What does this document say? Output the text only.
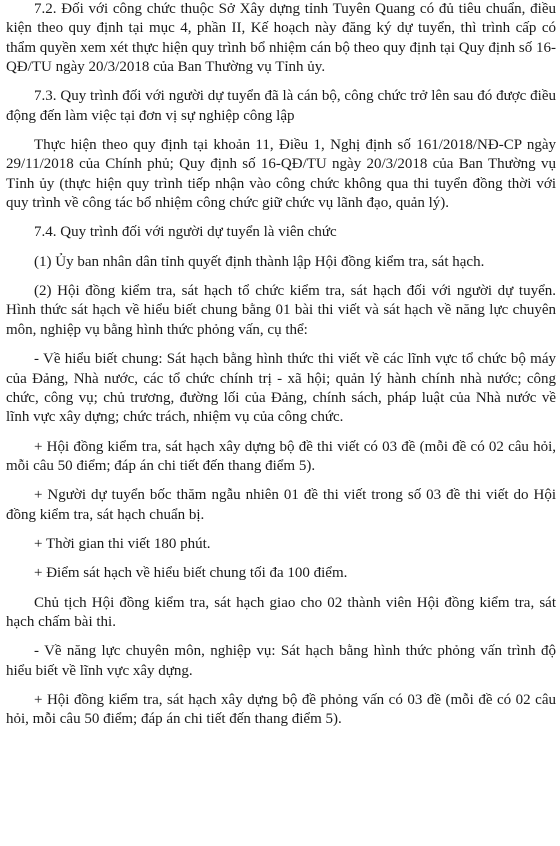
7.2. Đối với công chức thuộc Sở Xây dựng tỉnh Tuyên Quang có đủ tiêu chuẩn, điều kiện theo quy định tại mục 4, phần II, Kế hoạch này đăng ký dự tuyển, thì trình cấp có thẩm quyền xem xét thực hiện quy trình bổ nhiệm cán bộ theo quy định tại Quy định số 16-QĐ/TU ngày 20/3/2018 của Ban Thường vụ Tỉnh ủy.

7.3. Quy trình đối với người dự tuyển đã là cán bộ, công chức trở lên sau đó được điều động đến làm việc tại đơn vị sự nghiệp công lập

Thực hiện theo quy định tại khoản 11, Điều 1, Nghị định số 161/2018/NĐ-CP ngày 29/11/2018 của Chính phủ; Quy định số 16-QĐ/TU ngày 20/3/2018 của Ban Thường vụ Tỉnh ủy (thực hiện quy trình tiếp nhận vào công chức không qua thi tuyển đồng thời với quy trình về công tác bổ nhiệm công chức giữ chức vụ lãnh đạo, quản lý).

7.4. Quy trình đối với người dự tuyển là viên chức

(1) Ủy ban nhân dân tỉnh quyết định thành lập Hội đồng kiểm tra, sát hạch.

(2) Hội đồng kiểm tra, sát hạch tổ chức kiểm tra, sát hạch đối với người dự tuyển. Hình thức sát hạch về hiểu biết chung bằng 01 bài thi viết và sát hạch về năng lực chuyên môn, nghiệp vụ bằng hình thức phỏng vấn, cụ thể:

- Về hiểu biết chung: Sát hạch bằng hình thức thi viết về các lĩnh vực tổ chức bộ máy của Đảng, Nhà nước, các tổ chức chính trị - xã hội; quản lý hành chính nhà nước; công chức, công vụ; chủ trương, đường lối của Đảng, chính sách, pháp luật của Nhà nước về lĩnh vực xây dựng; chức trách, nhiệm vụ của công chức.

+ Hội đồng kiểm tra, sát hạch xây dựng bộ đề thi viết có 03 đề (mỗi đề có 02 câu hỏi, mỗi câu 50 điểm; đáp án chi tiết đến thang điểm 5).

+ Người dự tuyển bốc thăm ngẫu nhiên 01 đề thi viết trong số 03 đề thi viết do Hội đồng kiểm tra, sát hạch chuẩn bị.

+ Thời gian thi viết 180 phút.

+ Điểm sát hạch về hiểu biết chung tối đa 100 điểm.

Chủ tịch Hội đồng kiểm tra, sát hạch giao cho 02 thành viên Hội đồng kiểm tra, sát hạch chấm bài thi.

- Về năng lực chuyên môn, nghiệp vụ: Sát hạch bằng hình thức phỏng vấn trình độ hiểu biết về lĩnh vực xây dựng.

+ Hội đồng kiểm tra, sát hạch xây dựng bộ đề phỏng vấn có 03 đề (mỗi đề có 02 câu hỏi, mỗi câu 50 điểm; đáp án chi tiết đến thang điểm 5).
